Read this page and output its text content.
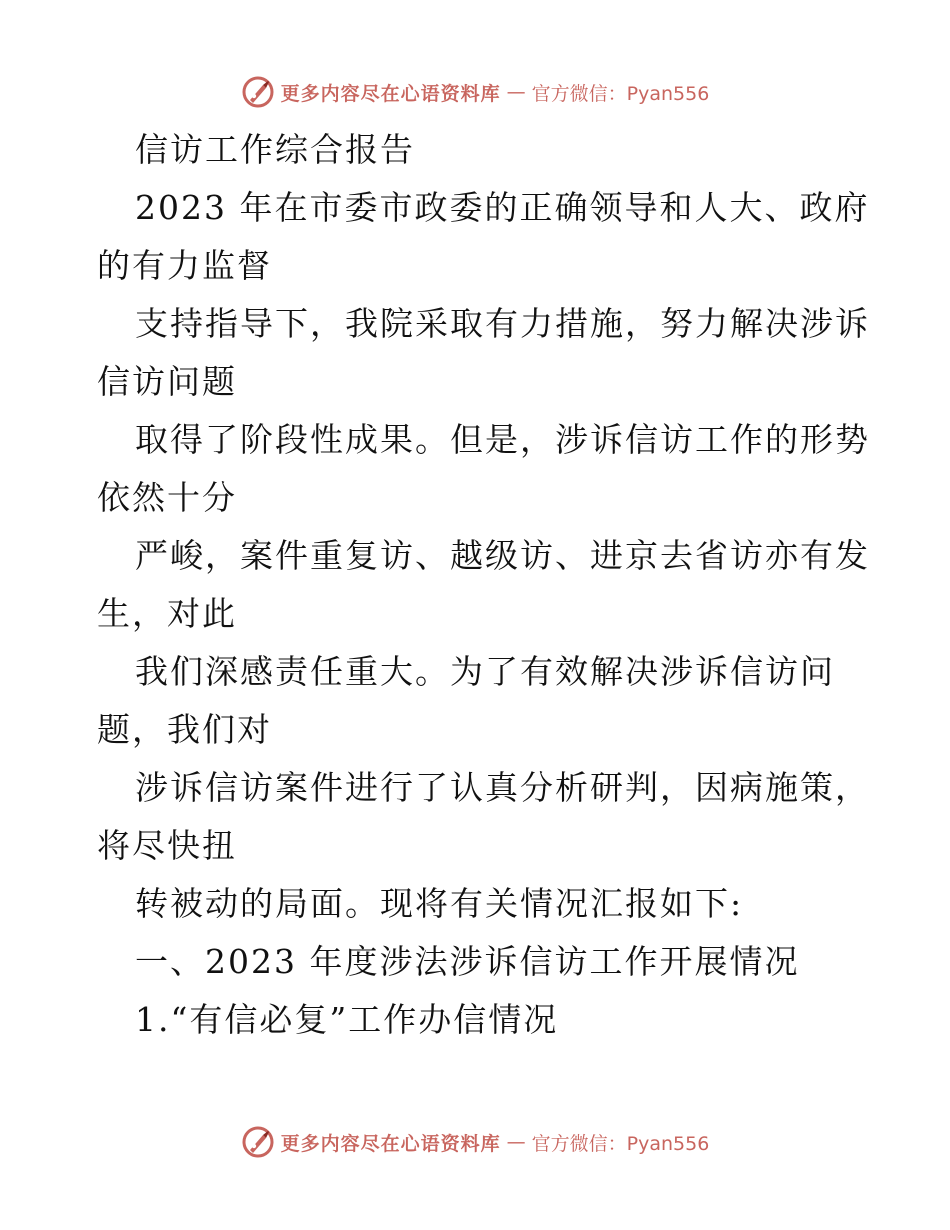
更多内容尽在心语资料库 — 官方微信：Pyan556
信访工作综合报告
2023 年在市委市政委的正确领导和人大、政府
的有力监督
支持指导下，我院采取有力措施，努力解决涉诉
信访问题
取得了阶段性成果。但是，涉诉信访工作的形势
依然十分
严峻，案件重复访、越级访、进京去省访亦有发
生，对此
我们深感责任重大。为了有效解决涉诉信访问
题，我们对
涉诉信访案件进行了认真分析研判，因病施策，
将尽快扭
转被动的局面。现将有关情况汇报如下:
一、2023 年度涉法涉诉信访工作开展情况
1.“有信必复”工作办信情况
更多内容尽在心语资料库 — 官方微信：Pyan556
